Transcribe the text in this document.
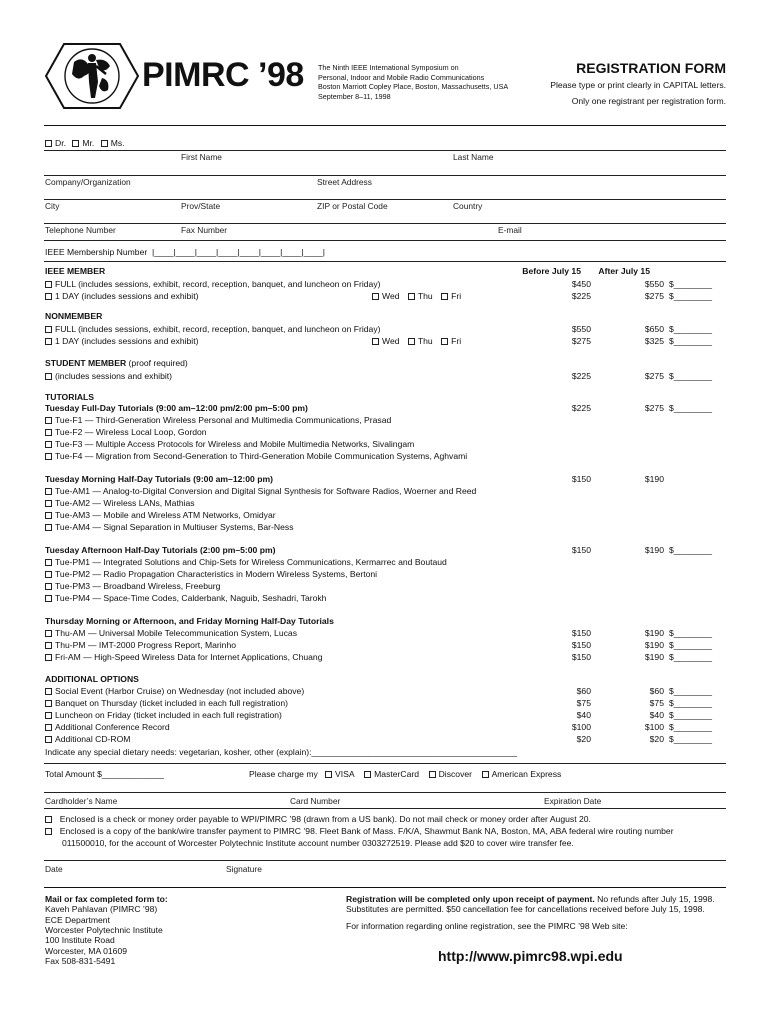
PIMRC ’98 The Ninth IEEE International Symposium on
Personal, Indoor and Mobile Radio Communications
Boston Marriott Copley Place, Boston, Massachusetts, USA
September 8–11, 1998
REGISTRATION FORM
Please type or print clearly in CAPITAL letters.
Only one registrant per registration form.
Dr. Mr. Ms.
First Name	Last Name
Company/Organization	Street Address
City	Prov/State	ZIP or Postal Code	Country
Telephone Number	Fax Number	E-mail
IEEE Membership Number |____|____|____|____|____|____|____|____|
IEEE MEMBER	Before July 15 After July 15
FULL (includes sessions, exhibit, record, reception, banquet, and luncheon on Friday)	$450	$550 $________
1 DAY (includes sessions and exhibit)	Wed Thu Fri	$225	$275 $________
NONMEMBER
FULL (includes sessions, exhibit, record, reception, banquet, and luncheon on Friday)	$550	$650 $________
1 DAY (includes sessions and exhibit)	Wed Thu Fri	$275	$325 $________
STUDENT MEMBER (proof required)
(includes sessions and exhibit)	$225	$275 $________
TUTORIALS
Tuesday Full-Day Tutorials (9:00 am–12:00 pm/2:00 pm–5:00 pm)	$225	$275 $________
Tue-F1 — Third-Generation Wireless Personal and Multimedia Communications, Prasad
Tue-F2 — Wireless Local Loop, Gordon
Tue-F3 — Multiple Access Protocols for Wireless and Mobile Multimedia Networks, Sivalingam
Tue-F4 — Migration from Second-Generation to Third-Generation Mobile Communication Systems, Aghvami
Tuesday Morning Half-Day Tutorials (9:00 am–12:00 pm)	$150	$190
Tue-AM1 — Analog-to-Digital Conversion and Digital Signal Synthesis for Software Radios, Woerner and Reed
Tue-AM2 — Wireless LANs, Mathias
Tue-AM3 — Mobile and Wireless ATM Networks, Omidyar
Tue-AM4 — Signal Separation in Multiuser Systems, Bar-Ness
Tuesday Afternoon Half-Day Tutorials (2:00 pm–5:00 pm)	$150	$190 $________
Tue-PM1 — Integrated Solutions and Chip-Sets for Wireless Communications, Kermarrec and Boutaud
Tue-PM2 — Radio Propagation Characteristics in Modern Wireless Systems, Bertoni
Tue-PM3 — Broadband Wireless, Freeburg
Tue-PM4 — Space-Time Codes, Calderbank, Naguib, Seshadri, Tarokh
Thursday Morning or Afternoon, and Friday Morning Half-Day Tutorials
Thu-AM — Universal Mobile Telecommunication System, Lucas	$150	$190 $________
Thu-PM — IMT-2000 Progress Report, Marinho	$150	$190 $________
Fri-AM — High-Speed Wireless Data for Internet Applications, Chuang	$150	$190 $________
ADDITIONAL OPTIONS
Social Event (Harbor Cruise) on Wednesday (not included above)	$60	$60 $________
Banquet on Thursday (ticket included in each full registration)	$75	$75 $________
Luncheon on Friday (ticket included in each full registration)	$40	$40 $________
Additional Conference Record	$100	$100 $________
Additional CD-ROM	$20	$20 $________
Indicate any special dietary needs: vegetarian, kosher, other (explain):___________________________________________
Total Amount $_____________	Please charge my VISA MasterCard Discover American Express
Cardholder’s Name	Card Number	Expiration Date
Enclosed is a check or money order payable to WPI/PIMRC ’98 (drawn from a US bank). Do not mail check or money order after August 20.
Enclosed is a copy of the bank/wire transfer payment to PIMRC ’98. Fleet Bank of Mass. F/K/A, Shawmut Bank NA, Boston, MA, ABA federal wire routing number
011500010, for the account of Worcester Polytechnic Institute account number 0303272519. Please add $20 to cover wire transfer fee.
Date	Signature
Mail or fax completed form to:
Kaveh Pahlavan (PIMRC ’98)
ECE Department
Worcester Polytechnic Institute
100 Institute Road
Worcester, MA 01609
Fax 508-831-5491
Registration will be completed only upon receipt of payment. No refunds after July 15, 1998.
Substitutes are permitted. $50 cancellation fee for cancellations received before July 15, 1998.
For information regarding online registration, see the PIMRC ’98 Web site:
http://www.pimrc98.wpi.edu
